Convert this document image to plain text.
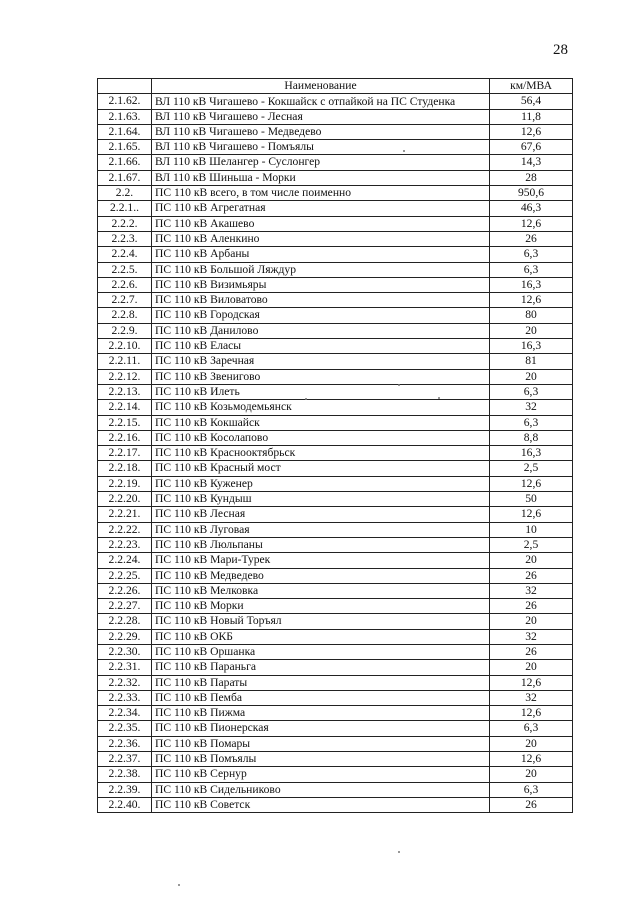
28
	Наименование	км/МВА
2.1.62.	ВЛ 110 кВ Чигашево - Кокшайск с отпайкой на ПС Студенка	56,4
2.1.63.	ВЛ 110 кВ Чигашево - Лесная	11,8
2.1.64.	ВЛ 110 кВ Чигашево - Медведево	12,6
2.1.65.	ВЛ 110 кВ Чигашево - Помъялы	67,6
2.1.66.	ВЛ 110 кВ Шелангер - Суслонгер	14,3
2.1.67.	ВЛ 110 кВ Шиньша - Морки	28
2.2.	ПС 110 кВ всего, в том числе поименно	950,6
2.2.1..	ПС 110 кВ Агрегатная	46,3
2.2.2.	ПС 110 кВ Акашево	12,6
2.2.3.	ПС 110 кВ Аленкино	26
2.2.4.	ПС 110 кВ Арбаны	6,3
2.2.5.	ПС 110 кВ Большой Ляждур	6,3
2.2.6.	ПС 110 кВ Визимьяры	16,3
2.2.7.	ПС 110 кВ Виловатово	12,6
2.2.8.	ПС 110 кВ Городская	80
2.2.9.	ПС 110 кВ Данилово	20
2.2.10.	ПС 110 кВ Еласы	16,3
2.2.11.	ПС 110 кВ Заречная	81
2.2.12.	ПС 110 кВ Звенигово	20
2.2.13.	ПС 110 кВ Илеть	6,3
2.2.14.	ПС 110 кВ Козьмодемьянск	32
2.2.15.	ПС 110 кВ Кокшайск	6,3
2.2.16.	ПС 110 кВ Косолапово	8,8
2.2.17.	ПС 110 кВ Краснооктябрьск	16,3
2.2.18.	ПС 110 кВ Красный мост	2,5
2.2.19.	ПС 110 кВ Куженер	12,6
2.2.20.	ПС 110 кВ Кундыш	50
2.2.21.	ПС 110 кВ Лесная	12,6
2.2.22.	ПС 110 кВ Луговая	10
2.2.23.	ПС 110 кВ Люльпаны	2,5
2.2.24.	ПС 110 кВ Мари-Турек	20
2.2.25.	ПС 110 кВ Медведево	26
2.2.26.	ПС 110 кВ Мелковка	32
2.2.27.	ПС 110 кВ Морки	26
2.2.28.	ПС 110 кВ Новый Торъял	20
2.2.29.	ПС 110 кВ ОКБ	32
2.2.30.	ПС 110 кВ Оршанка	26
2.2.31.	ПС 110 кВ Параньга	20
2.2.32.	ПС 110 кВ Параты	12,6
2.2.33.	ПС 110 кВ Пемба	32
2.2.34.	ПС 110 кВ Пижма	12,6
2.2.35.	ПС 110 кВ Пионерская	6,3
2.2.36.	ПС 110 кВ Помары	20
2.2.37.	ПС 110 кВ Помъялы	12,6
2.2.38.	ПС 110 кВ Сернур	20
2.2.39.	ПС 110 кВ Сидельниково	6,3
2.2.40.	ПС 110 кВ Советск	26
